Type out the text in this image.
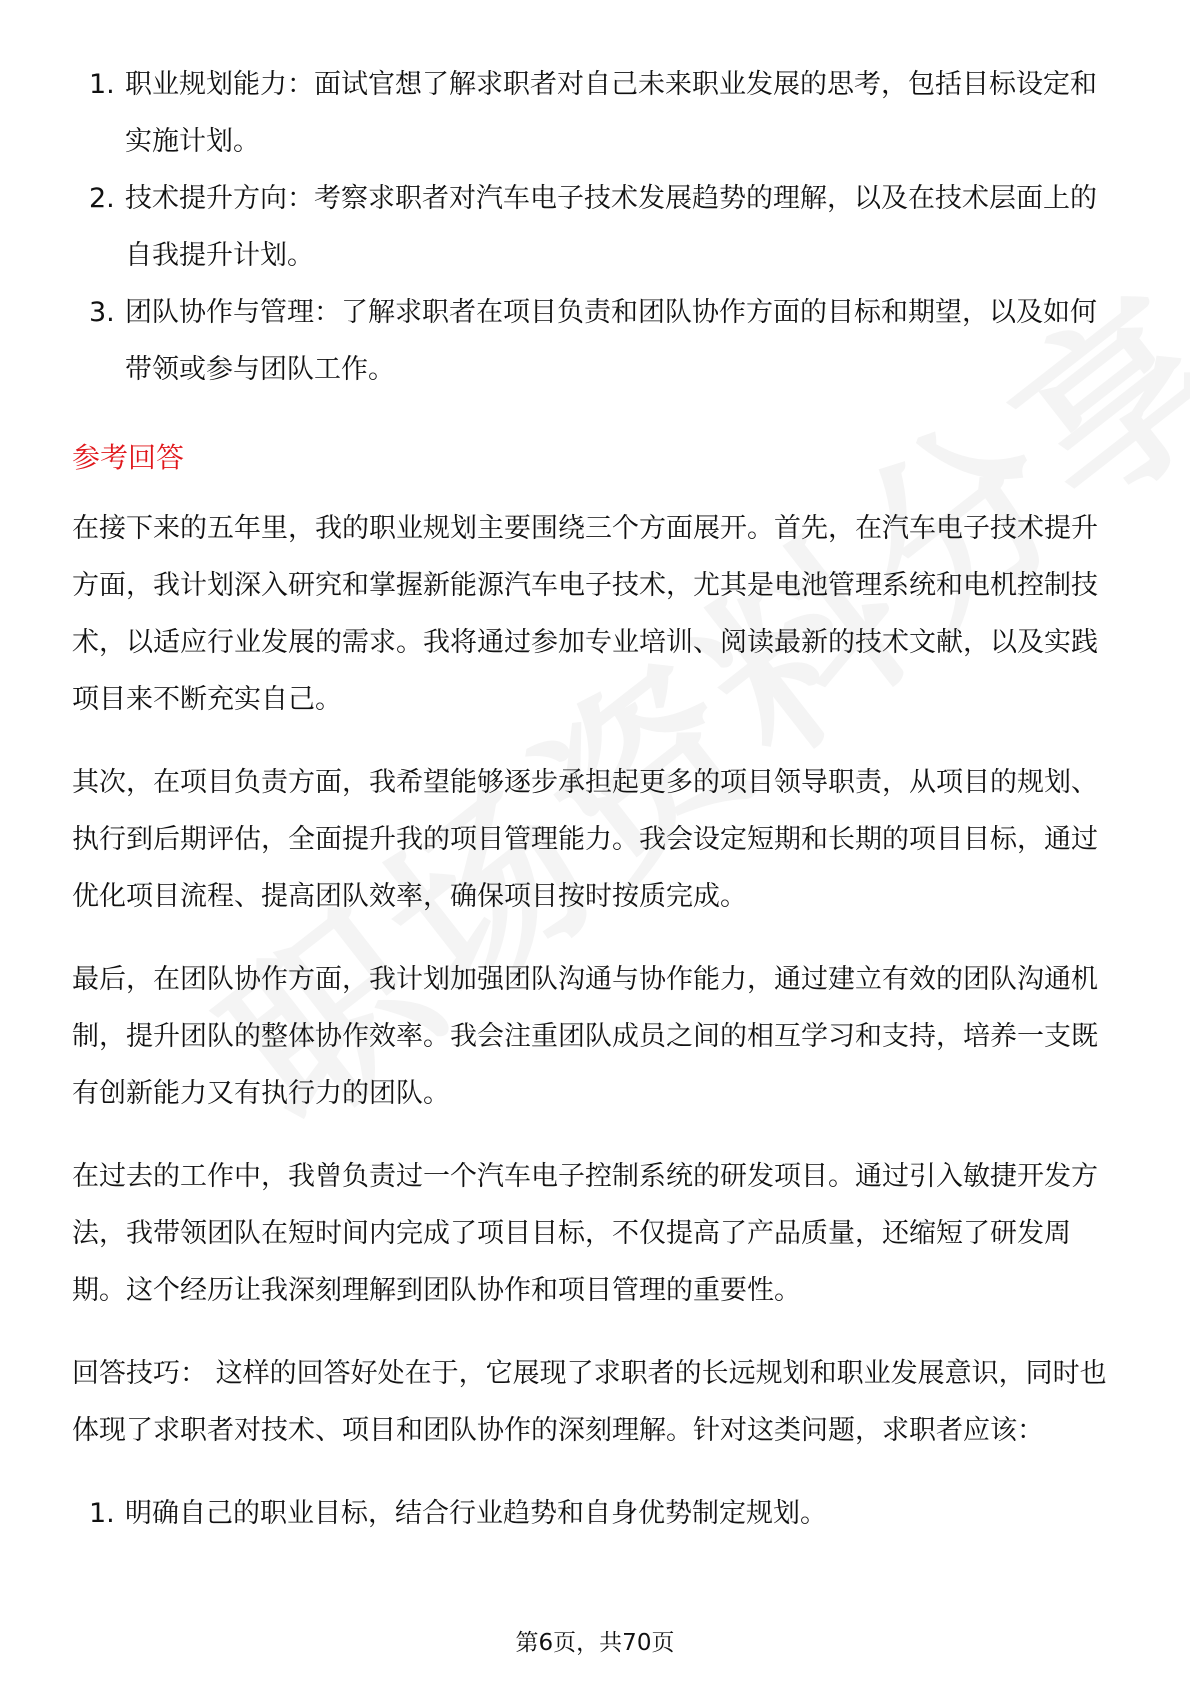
1. 职业规划能力：面试官想了解求职者对自己未来职业发展的思考，包括目标设定和实施计划。
2. 技术提升方向：考察求职者对汽车电子技术发展趋势的理解，以及在技术层面上的自我提升计划。
3. 团队协作与管理：了解求职者在项目负责和团队协作方面的目标和期望，以及如何带领或参与团队工作。
参考回答

在接下来的五年里，我的职业规划主要围绕三个方面展开。首先，在汽车电子技术提升方面，我计划深入研究和掌握新能源汽车电子技术，尤其是电池管理系统和电机控制技术，以适应行业发展的需求。我将通过参加专业培训、阅读最新的技术文献，以及实践项目来不断充实自己。

其次，在项目负责方面，我希望能够逐步承担起更多的项目领导职责，从项目的规划、执行到后期评估，全面提升我的项目管理能力。我会设定短期和长期的项目目标，通过优化项目流程、提高团队效率，确保项目按时按质完成。

最后，在团队协作方面，我计划加强团队沟通与协作能力，通过建立有效的团队沟通机制，提升团队的整体协作效率。我会注重团队成员之间的相互学习和支持，培养一支既有创新能力又有执行力的团队。

在过去的工作中，我曾负责过一个汽车电子控制系统的研发项目。通过引入敏捷开发方法，我带领团队在短时间内完成了项目目标，不仅提高了产品质量，还缩短了研发周期。这个经历让我深刻理解到团队协作和项目管理的重要性。

回答技巧： 这样的回答好处在于，它展现了求职者的长远规划和职业发展意识，同时也体现了求职者对技术、项目和团队协作的深刻理解。针对这类问题，求职者应该：

1. 明确自己的职业目标，结合行业趋势和自身优势制定规划。
第6页，共70页
